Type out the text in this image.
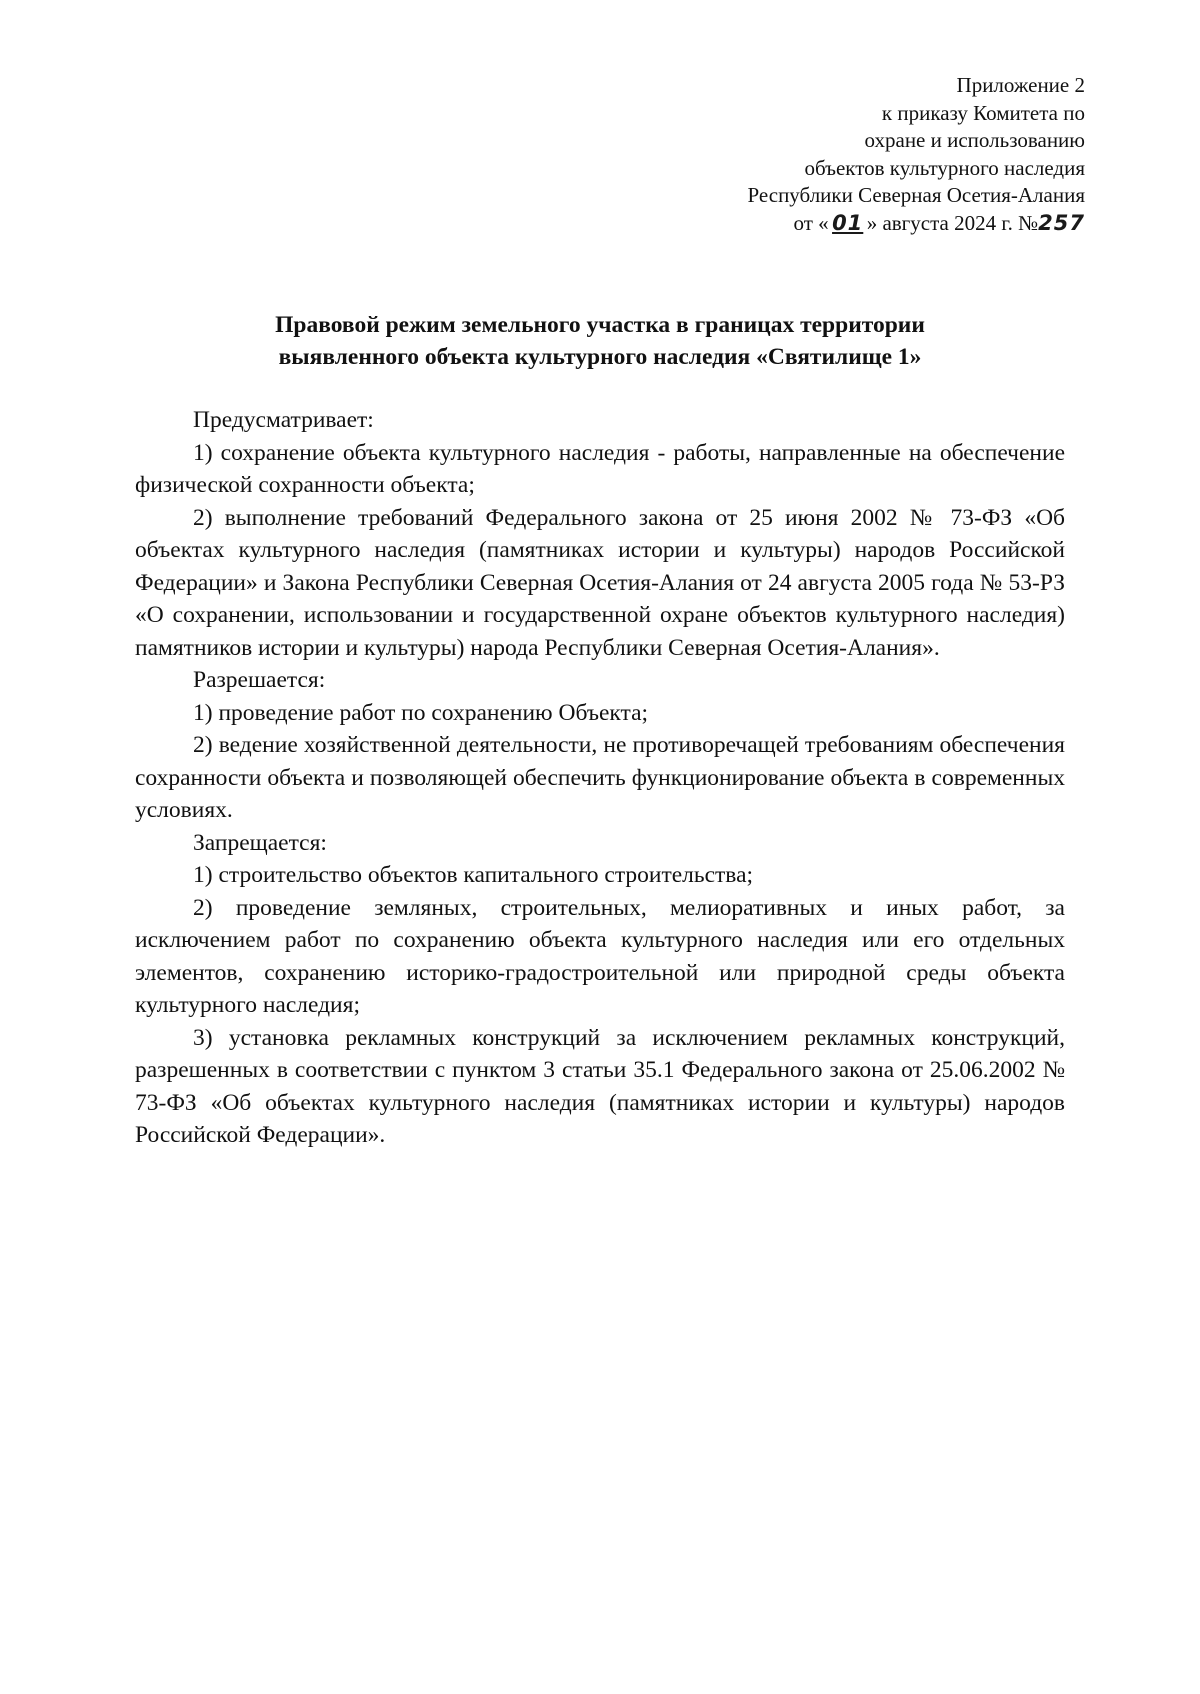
Приложение 2
к приказу Комитета по
охране и использованию
объектов культурного наследия
Республики Северная Осетия-Алания
от « 01 » августа 2024 г. №257
Правовой режим земельного участка в границах территории
выявленного объекта культурного наследия «Святилище 1»

Предусматривает:

1) сохранение объекта культурного наследия - работы, направленные на обеспечение физической сохранности объекта;

2) выполнение требований Федерального закона от 25 июня 2002 № 73-ФЗ «Об объектах культурного наследия (памятниках истории и культуры) народов Российской Федерации» и Закона Республики Северная Осетия-Алания от 24 августа 2005 года № 53-РЗ «О сохранении, использовании и государственной охране объектов культурного наследия) памятников истории и культуры) народа Республики Северная Осетия-Алания».

Разрешается:

1) проведение работ по сохранению Объекта;

2) ведение хозяйственной деятельности, не противоречащей требованиям обеспечения сохранности объекта и позволяющей обеспечить функционирование объекта в современных условиях.

Запрещается:

1) строительство объектов капитального строительства;

2) проведение земляных, строительных, мелиоративных и иных работ, за исключением работ по сохранению объекта культурного наследия или его отдельных элементов, сохранению историко-градостроительной или природной среды объекта культурного наследия;

3) установка рекламных конструкций за исключением рекламных конструкций, разрешенных в соответствии с пунктом 3 статьи 35.1 Федерального закона от 25.06.2002 № 73-ФЗ «Об объектах культурного наследия (памятниках истории и культуры) народов Российской Федерации».
